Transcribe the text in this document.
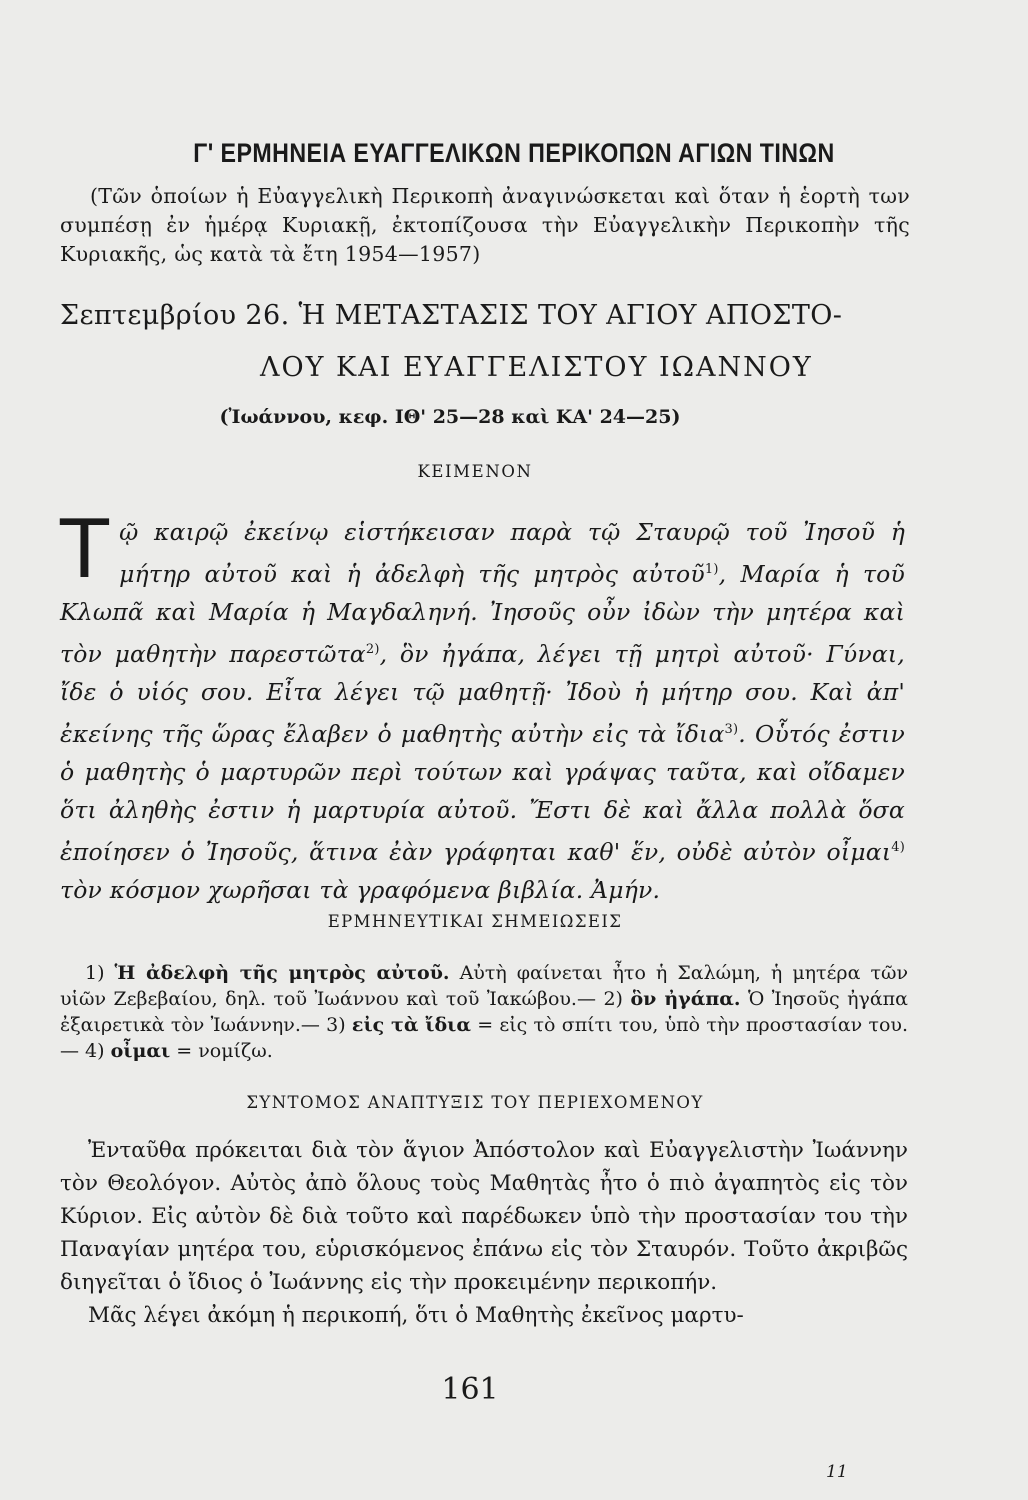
Γ' ΕΡΜΗΝΕΙΑ ΕΥΑΓΓΕΛΙΚΩΝ ΠΕΡΙΚΟΠΩΝ ΑΓΙΩΝ ΤΙΝΩΝ
(Τῶν ὁποίων ἡ Εὐαγγελικὴ Περικοπὴ ἀναγινώσκεται καὶ ὅταν ἡ ἑορτὴ των συμπέσῃ ἐν ἡμέρᾳ Κυριακῇ, ἐκτοπίζουσα τὴν Εὐαγγελικὴν Περικοπὴν τῆς Κυριακῆς, ὡς κατὰ τὰ ἔτη 1954—1957)
Σεπτεμβρίου 26. Ἡ ΜΕΤΑΣΤΑΣΙΣ ΤΟΥ ΑΓΙΟΥ ΑΠΟΣΤΟ-
ΛΟΥ ΚΑΙ ΕΥΑΓΓΕΛΙΣΤΟΥ ΙΩΑΝΝΟΥ
(Ἰωάννου, κεφ. ΙΘ' 25—28 καὶ ΚΑ' 24—25)
ΚΕΙΜΕΝΟΝ
Τῷ καιρῷ ἐκείνῳ εἱστήκεισαν παρὰ τῷ Σταυρῷ τοῦ Ἰησοῦ ἡ μήτηρ αὐτοῦ καὶ ἡ ἀδελφὴ τῆς μητρὸς αὐτοῦ$^{1)}$, Μαρία ἡ τοῦ Κλωπᾶ καὶ Μαρία ἡ Μαγδαληνή. Ἰησοῦς οὖν ἰδὼν τὴν μητέρα καὶ τὸν μαθητὴν παρεστῶτα$^{2)}$, ὃν ἠγάπα, λέγει τῇ μητρὶ αὐτοῦ· Γύναι, ἴδε ὁ υἱός σου. Εἶτα λέγει τῷ μαθητῇ· Ἰδοὺ ἡ μήτηρ σου. Καὶ ἀπ' ἐκείνης τῆς ὥρας ἔλαβεν ὁ μαθητὴς αὐτὴν εἰς τὰ ἴδια$^{3)}$. Οὗτός ἐστιν ὁ μαθητὴς ὁ μαρτυρῶν περὶ τούτων καὶ γράψας ταῦτα, καὶ οἴδαμεν ὅτι ἀληθὴς ἐστιν ἡ μαρτυρία αὐτοῦ. Ἔστι δὲ καὶ ἄλλα πολλὰ ὅσα ἐποίησεν ὁ Ἰησοῦς, ἅτινα ἐὰν γράφηται καθ' ἕν, οὐδὲ αὐτὸν οἶμαι$^{4)}$ τὸν κόσμον χωρῆσαι τὰ γραφόμενα βιβλία. Ἀμήν.
ΕΡΜΗΝΕΥΤΙΚΑΙ ΣΗΜΕΙΩΣΕΙΣ
1) Ἡ ἀδελφὴ τῆς μητρὸς αὐτοῦ. Αὐτὴ φαίνεται ἦτο ἡ Σαλώμη, ἡ μητέρα τῶν υἱῶν Ζεβεβαίου, δηλ. τοῦ Ἰωάννου καὶ τοῦ Ἰακώβου.— 2) ὃν ἠγάπα. Ὁ Ἰησοῦς ἠγάπα ἐξαιρετικὰ τὸν Ἰωάννην.— 3) εἰς τὰ ἴδια = εἰς τὸ σπίτι του, ὑπὸ τὴν προστασίαν του.— 4) οἶμαι = νομίζω.
ΣΥΝΤΟΜΟΣ ΑΝΑΠΤΥΞΙΣ ΤΟΥ ΠΕΡΙΕΧΟΜΕΝΟΥ

Ἐνταῦθα πρόκειται διὰ τὸν ἅγιον Ἀπόστολον καὶ Εὐαγγελιστὴν Ἰωάννην τὸν Θεολόγον. Αὐτὸς ἀπὸ ὅλους τοὺς Μαθητὰς ἦτο ὁ πιὸ ἀγαπητὸς εἰς τὸν Κύριον. Εἰς αὐτὸν δὲ διὰ τοῦτο καὶ παρέδωκεν ὑπὸ τὴν προστασίαν του τὴν Παναγίαν μητέρα του, εὑρισκόμενος ἐπάνω εἰς τὸν Σταυρόν. Τοῦτο ἀκριβῶς διηγεῖται ὁ ἴδιος ὁ Ἰωάννης εἰς τὴν προκειμένην περικοπήν.

Μᾶς λέγει ἀκόμη ἡ περικοπή, ὅτι ὁ Μαθητὴς ἐκεῖνος μαρτυ-

161
11
